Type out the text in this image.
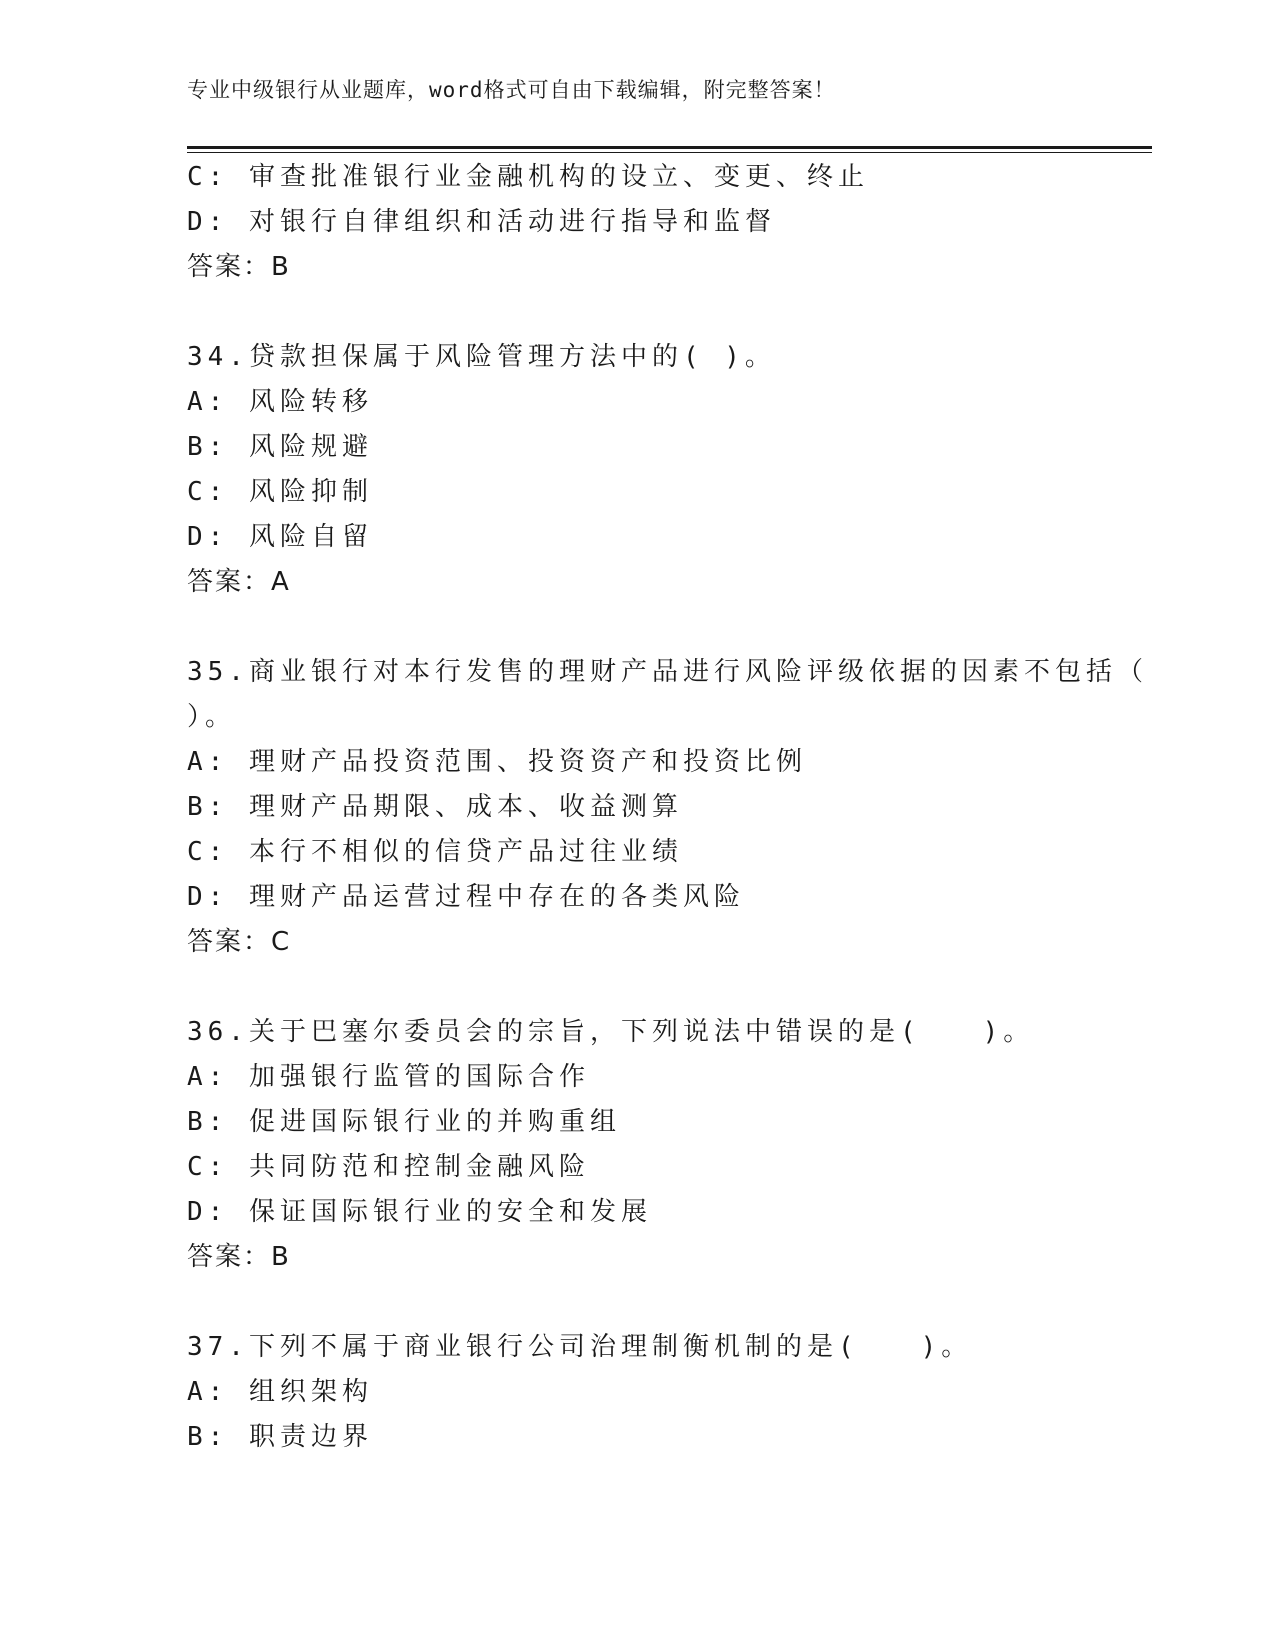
专业中级银行从业题库，word格式可自由下载编辑，附完整答案！
C: 审查批准银行业金融机构的设立、变更、终止
D: 对银行自律组织和活动进行指导和监督
答案：B
34.贷款担保属于风险管理方法中的( )。
A: 风险转移
B: 风险规避
C: 风险抑制
D: 风险自留
答案：A
35.商业银行对本行发售的理财产品进行风险评级依据的因素不包括（
）。
A: 理财产品投资范围、投资资产和投资比例
B: 理财产品期限、成本、收益测算
C: 本行不相似的信贷产品过往业绩
D: 理财产品运营过程中存在的各类风险
答案：C
36.关于巴塞尔委员会的宗旨，下列说法中错误的是(　　)。
A: 加强银行监管的国际合作
B: 促进国际银行业的并购重组
C: 共同防范和控制金融风险
D: 保证国际银行业的安全和发展
答案：B
37.下列不属于商业银行公司治理制衡机制的是(　　)。
A: 组织架构
B: 职责边界
